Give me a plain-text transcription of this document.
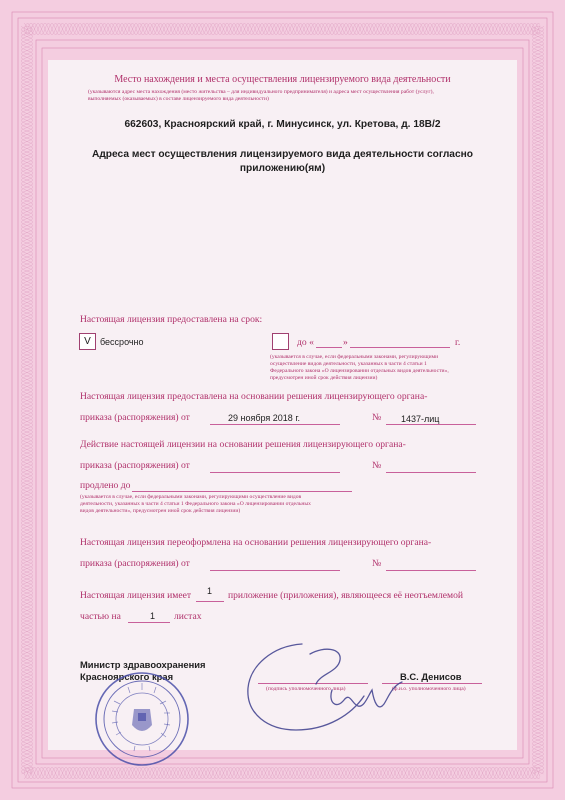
Место нахождения и места осуществления лицензируемого вида деятельности
(указываются адрес места нахождения (место жительства – для индивидуального предпринимателя) и адреса мест осуществления работ (услуг),
выполняемых (оказываемых) в составе лицензируемого вида деятельности)
662603, Красноярский край, г. Минусинск, ул. Кретова, д. 18В/2
Адреса мест осуществления лицензируемого вида деятельности согласно
приложению(ям)
Настоящая лицензия предоставлена на срок:
V	бессрочно	до «	»	г.
(указывается в случае, если федеральными законами, регулирующими
осуществление видов деятельности, указанных в части 4 статьи 1
Федерального закона «О лицензировании отдельных видов деятельности»,
предусмотрен иной срок действия лицензии)
Настоящая лицензия предоставлена на основании решения лицензирующего органа-
приказа (распоряжения) от	29 ноября 2018 г.	№ 1437-лиц
Действие настоящей лицензии на основании решения лицензирующего органа-
приказа (распоряжения) от	№
продлено до
(указывается в случае, если федеральными законами, регулирующими осуществление видов
деятельности, указанных в части 4 статьи 1 Федерального закона «О лицензировании отдельных
видов деятельности», предусмотрен иной срок действия лицензии)
Настоящая лицензия переоформлена на основании решения лицензирующего органа-
приказа (распоряжения) от	№
Настоящая лицензия имеет 1 приложение (приложения), являющееся её неотъемлемой
частью на	1 листах
Министр здравоохранения
Красноярского края
(подпись уполномоченного лица)
В.С. Денисов
(ф.и.о. уполномоченного лица)
